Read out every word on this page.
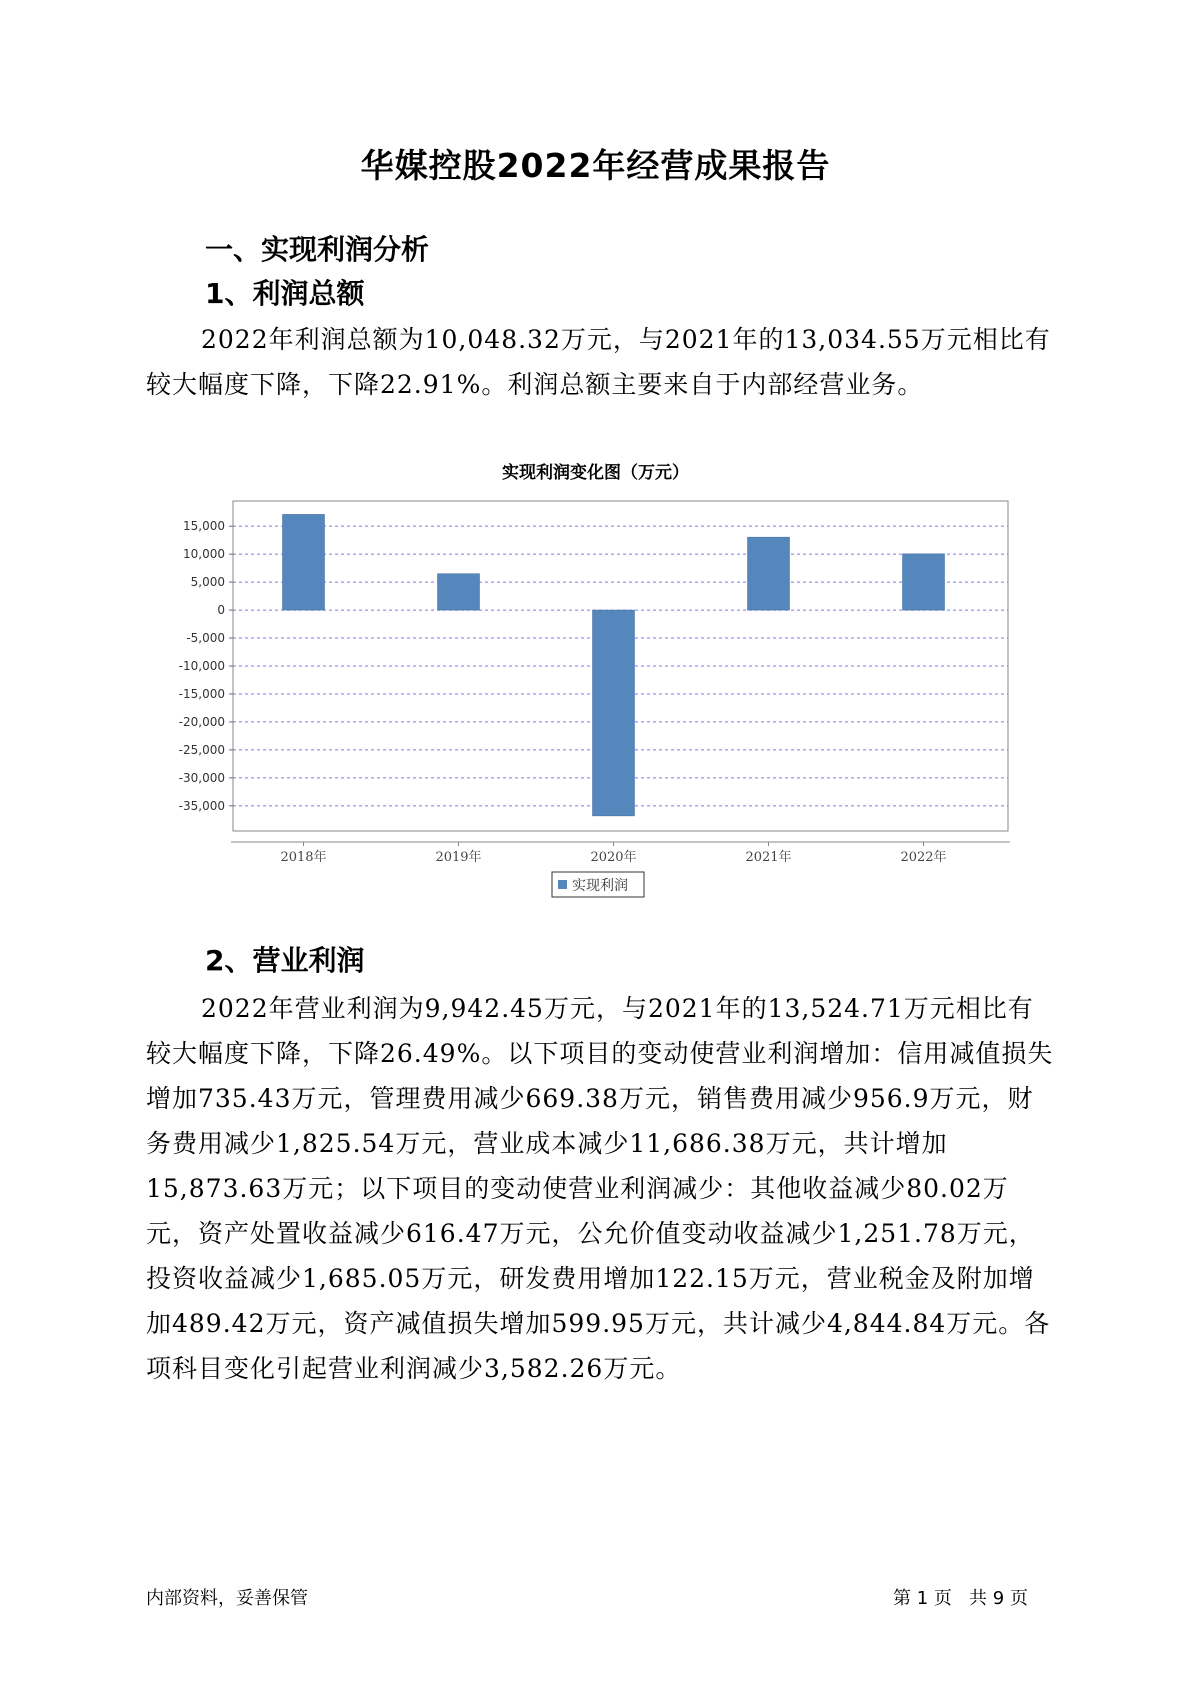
华媒控股2022年经营成果报告
一、实现利润分析
1、利润总额

2022年利润总额为10,048.32万元，与2021年的13,034.55万元相比有较大幅度下降，下降22.91%。利润总额主要来自于内部经营业务。

实现利润变化图（万元）
15,000
10,000
5,000
0
-5,000
-10,000
-15,000
-20,000
-25,000
-30,000
-35,000
2018年	2019年	2020年	2021年	2022年
实现利润
2、营业利润

2022年营业利润为9,942.45万元，与2021年的13,524.71万元相比有较大幅度下降，下降26.49%。以下项目的变动使营业利润增加：信用减值损失增加735.43万元，管理费用减少669.38万元，销售费用减少956.9万元，财务费用减少1,825.54万元，营业成本减少11,686.38万元，共计增加15,873.63万元；以下项目的变动使营业利润减少：其他收益减少80.02万元，资产处置收益减少616.47万元，公允价值变动收益减少1,251.78万元，投资收益减少1,685.05万元，研发费用增加122.15万元，营业税金及附加增加489.42万元，资产减值损失增加599.95万元，共计减少4,844.84万元。各项科目变化引起营业利润减少3,582.26万元。

内部资料，妥善保管	第 1 页   共 9 页
